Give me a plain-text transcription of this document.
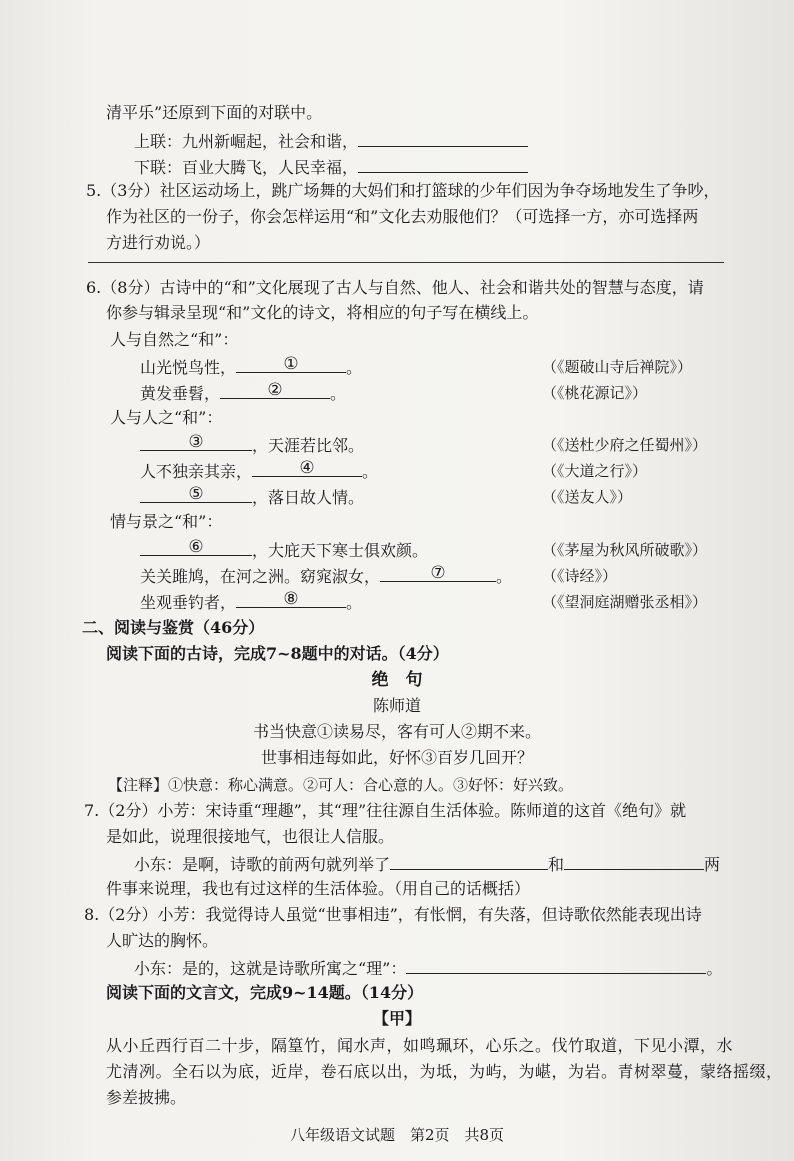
清平乐”还原到下面的对联中。
上联：九州新崛起，社会和谐，
下联：百业大腾飞，人民幸福，
5.（3分）社区运动场上，跳广场舞的大妈们和打篮球的少年们因为争夺场地发生了争吵，
作为社区的一份子，你会怎样运用“和”文化去劝服他们？（可选择一方，亦可选择两
方进行劝说。）
6.（8分）古诗中的“和”文化展现了古人与自然、他人、社会和谐共处的智慧与态度，请
你参与辑录呈现“和”文化的诗文，将相应的句子写在横线上。
人与自然之“和”：
山光悦鸟性，	①	。	（《题破山寺后禅院》）
黄发垂髫，	②	。	（《桃花源记》）
人与人之“和”：
③	，天涯若比邻。	（《送杜少府之任蜀州》）
人不独亲其亲，	④	。	（《大道之行》）
⑤	，落日故人情。	（《送友人》）
情与景之“和”：
⑥	，大庇天下寒士俱欢颜。	（《茅屋为秋风所破歌》）
关关雎鸠，在河之洲。窈窕淑女，	⑦	。 （《诗经》）
坐观垂钓者，	⑧	。	（《望洞庭湖赠张丞相》）
二、阅读与鉴赏（46分）
阅读下面的古诗，完成7~8题中的对话。（4分）
绝　句
陈师道
书当快意①读易尽，客有可人②期不来。
世事相违每如此，好怀③百岁几回开？
【注释】①快意：称心满意。②可人：合心意的人。③好怀：好兴致。
7.（2分）小芳：宋诗重“理趣”，其“理”往往源自生活体验。陈师道的这首《绝句》就
是如此，说理很接地气，也很让人信服。
小东：是啊，诗歌的前两句就列举了	和	两
件事来说理，我也有过这样的生活体验。（用自己的话概括）
8.（2分）小芳：我觉得诗人虽觉“世事相违”，有怅惘，有失落，但诗歌依然能表现出诗
人旷达的胸怀。
小东：是的，这就是诗歌所寓之“理”：	。
阅读下面的文言文，完成9~14题。（14分）
【甲】
从小丘西行百二十步，隔篁竹，闻水声，如鸣珮环，心乐之。伐竹取道，下见小潭，水
尤清冽。全石以为底，近岸，卷石底以出，为坻，为屿，为嵁，为岩。青树翠蔓，蒙络摇缀，
参差披拂。
八年级语文试题　第2页　共8页
